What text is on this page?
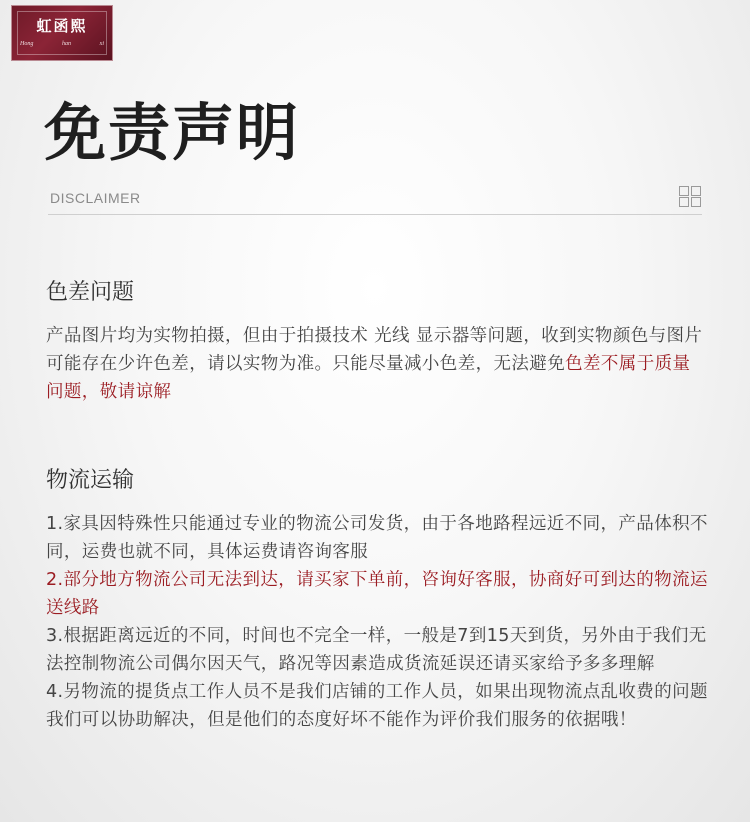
虹函熙
Hong	han	xi
免责声明
DISCLAIMER
色差问题

产品图片均为实物拍摄，但由于拍摄技术 光线 显示器等问题，收到实物颜色与图片可能存在少许色差，请以实物为准。只能尽量减小色差，无法避免色差不属于质量问题，敬请谅解

物流运输

1.家具因特殊性只能通过专业的物流公司发货，由于各地路程远近不同，产品体积不同，运费也就不同，具体运费请咨询客服

2.部分地方物流公司无法到达，请买家下单前，咨询好客服，协商好可到达的物流运送线路

3.根据距离远近的不同，时间也不完全一样，一般是7到15天到货，另外由于我们无法控制物流公司偶尔因天气，路况等因素造成货流延误还请买家给予多多理解

4.另物流的提货点工作人员不是我们店铺的工作人员，如果出现物流点乱收费的问题我们可以协助解决，但是他们的态度好坏不能作为评价我们服务的依据哦！
